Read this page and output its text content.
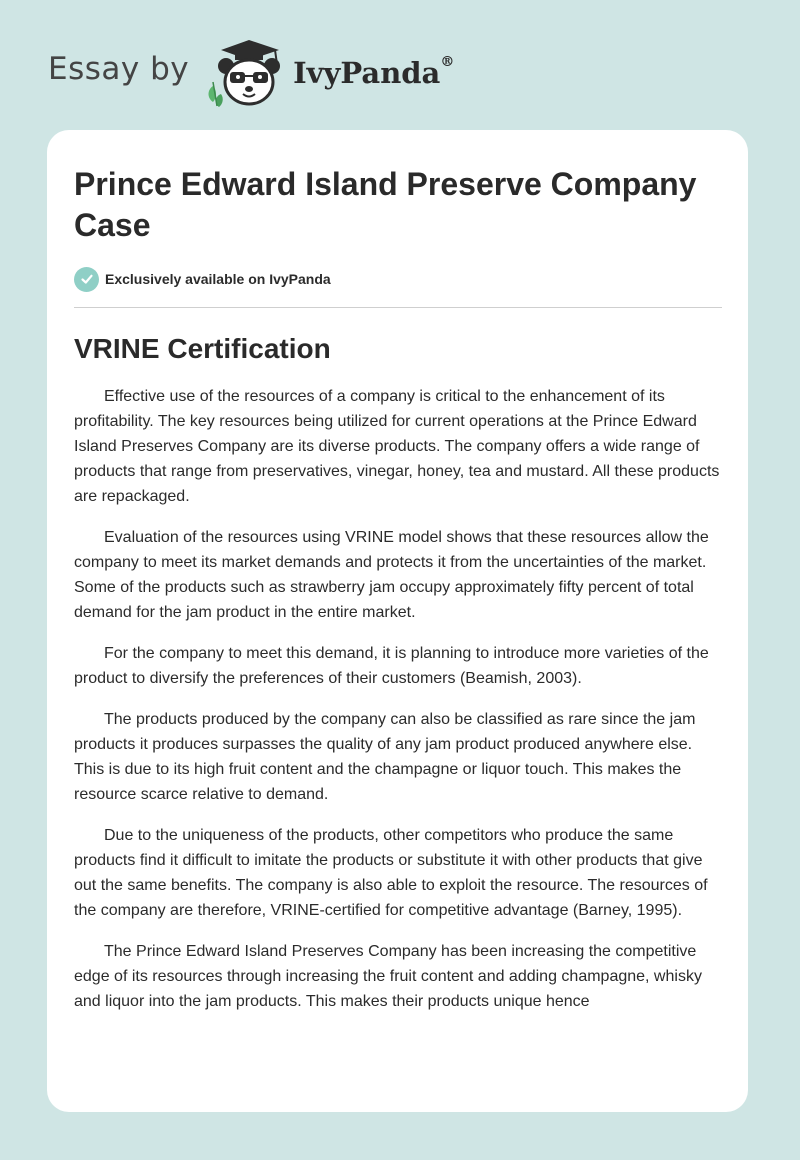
Essay by	IvyPanda®
Prince Edward Island Preserve Company Case
Exclusively available on IvyPanda
VRINE Certification

Effective use of the resources of a company is critical to the enhancement of its profitability. The key resources being utilized for current operations at the Prince Edward Island Preserves Company are its diverse products. The company offers a wide range of products that range from preservatives, vinegar, honey, tea and mustard. All these products are repackaged.

Evaluation of the resources using VRINE model shows that these resources allow the company to meet its market demands and protects it from the uncertainties of the market. Some of the products such as strawberry jam occupy approximately fifty percent of total demand for the jam product in the entire market.

For the company to meet this demand, it is planning to introduce more varieties of the product to diversify the preferences of their customers (Beamish, 2003).

The products produced by the company can also be classified as rare since the jam products it produces surpasses the quality of any jam product produced anywhere else. This is due to its high fruit content and the champagne or liquor touch. This makes the resource scarce relative to demand.

Due to the uniqueness of the products, other competitors who produce the same products find it difficult to imitate the products or substitute it with other products that give out the same benefits. The company is also able to exploit the resource. The resources of the company are therefore, VRINE-certified for competitive advantage (Barney, 1995).

The Prince Edward Island Preserves Company has been increasing the competitive edge of its resources through increasing the fruit content and adding champagne, whisky and liquor into the jam products. This makes their products unique hence
